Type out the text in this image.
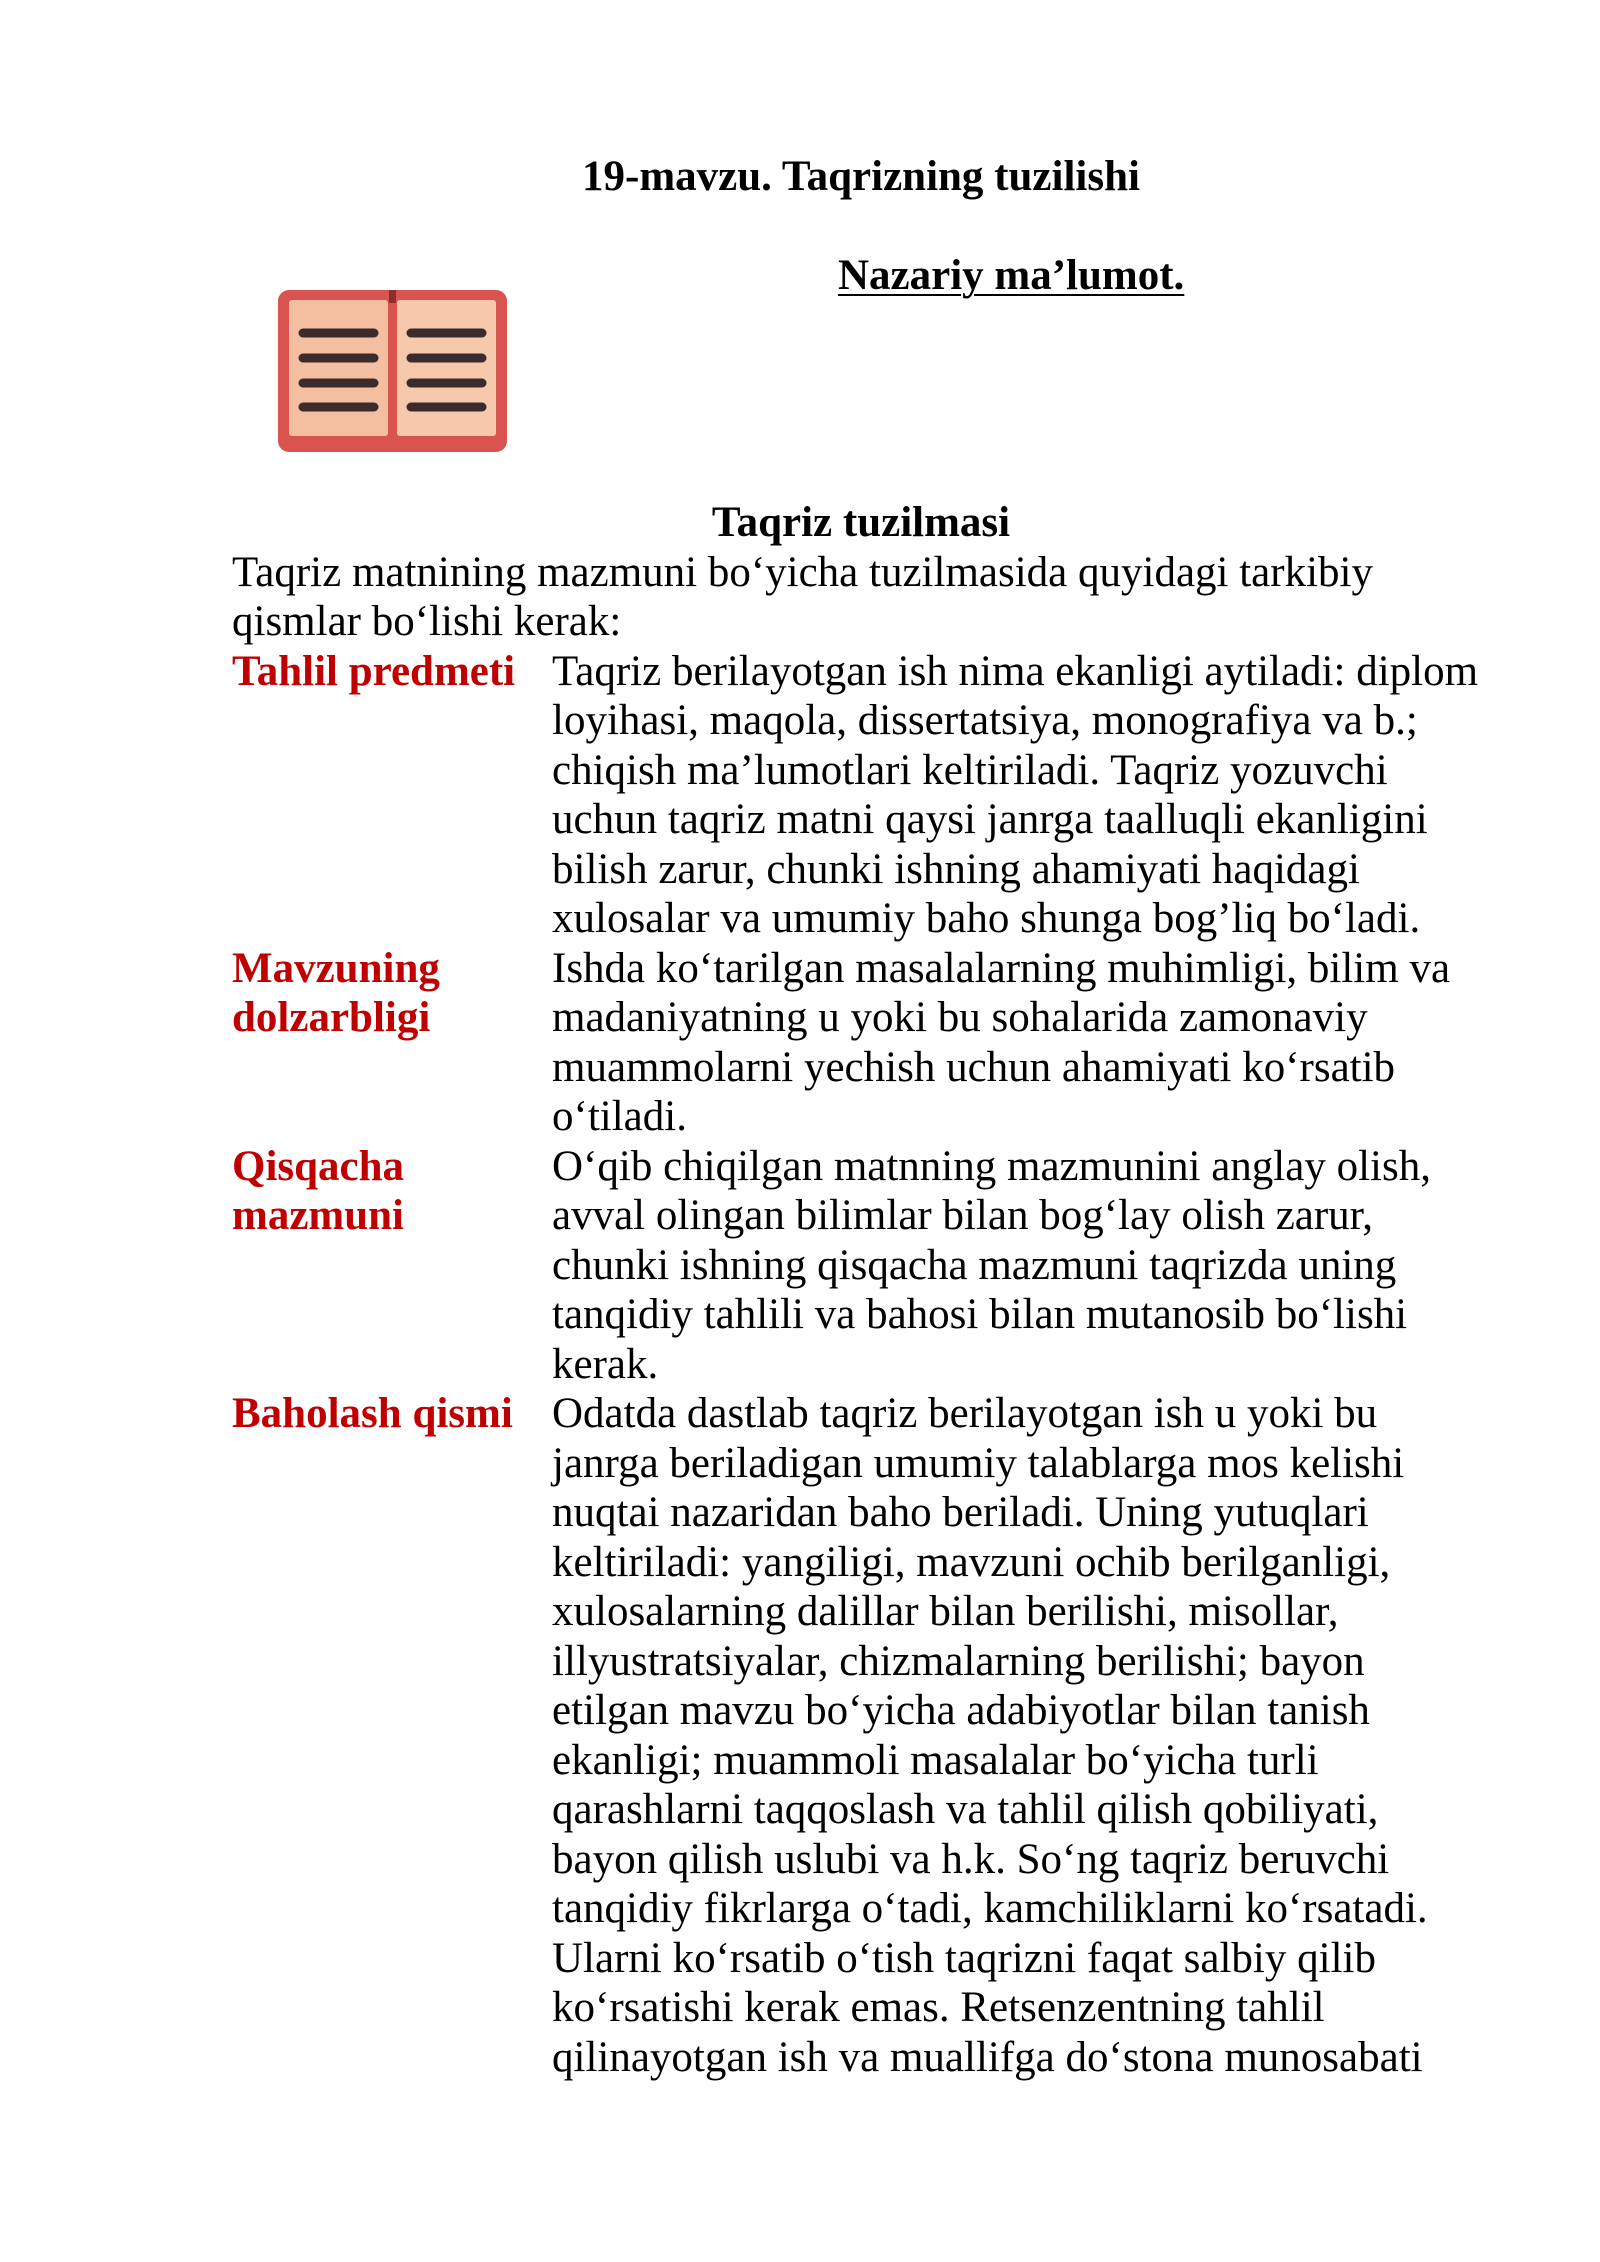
19-mavzu. Taqrizning tuzilishi
Nazariy ma’lumot.
Taqriz tuzilmasi

Taqriz matnining mazmuni bo‘yicha tuzilmasida quyidagi tarkibiy
qismlar bo‘lishi kerak:

Tahlil predmeti Taqriz berilayotgan ish nima ekanligi aytiladi: diplom
loyihasi, maqola, dissertatsiya, monografiya va b.;
chiqish ma’lumotlari keltiriladi. Taqriz yozuvchi
uchun taqriz matni qaysi janrga taalluqli ekanligini
bilish zarur, chunki ishning ahamiyati haqidagi
xulosalar va umumiy baho shunga bog’liq bo‘ladi.
Mavzuning dolzarbligi
Ishda ko‘tarilgan masalalarning muhimligi, bilim va
madaniyatning u yoki bu sohalarida zamonaviy
muammolarni yechish uchun ahamiyati ko‘rsatib
o‘tiladi.
Qisqacha mazmuni
O‘qib chiqilgan matnning mazmunini anglay olish,
avval olingan bilimlar bilan bog‘lay olish zarur,
chunki ishning qisqacha mazmuni taqrizda uning
tanqidiy tahlili va bahosi bilan mutanosib bo‘lishi
kerak.
Baholash qismi Odatda dastlab taqriz berilayotgan ish u yoki bu
janrga beriladigan umumiy talablarga mos kelishi
nuqtai nazaridan baho beriladi. Uning yutuqlari
keltiriladi: yangiligi, mavzuni ochib berilganligi,
xulosalarning dalillar bilan berilishi, misollar,
illyustratsiyalar, chizmalarning berilishi; bayon
etilgan mavzu bo‘yicha adabiyotlar bilan tanish
ekanligi; muammoli masalalar bo‘yicha turli
qarashlarni taqqoslash va tahlil qilish qobiliyati,
bayon qilish uslubi va h.k. So‘ng taqriz beruvchi
tanqidiy fikrlarga o‘tadi, kamchiliklarni ko‘rsatadi.
Ularni ko‘rsatib o‘tish taqrizni faqat salbiy qilib
ko‘rsatishi kerak emas. Retsenzentning tahlil
qilinayotgan ish va muallifga do‘stona munosabati
